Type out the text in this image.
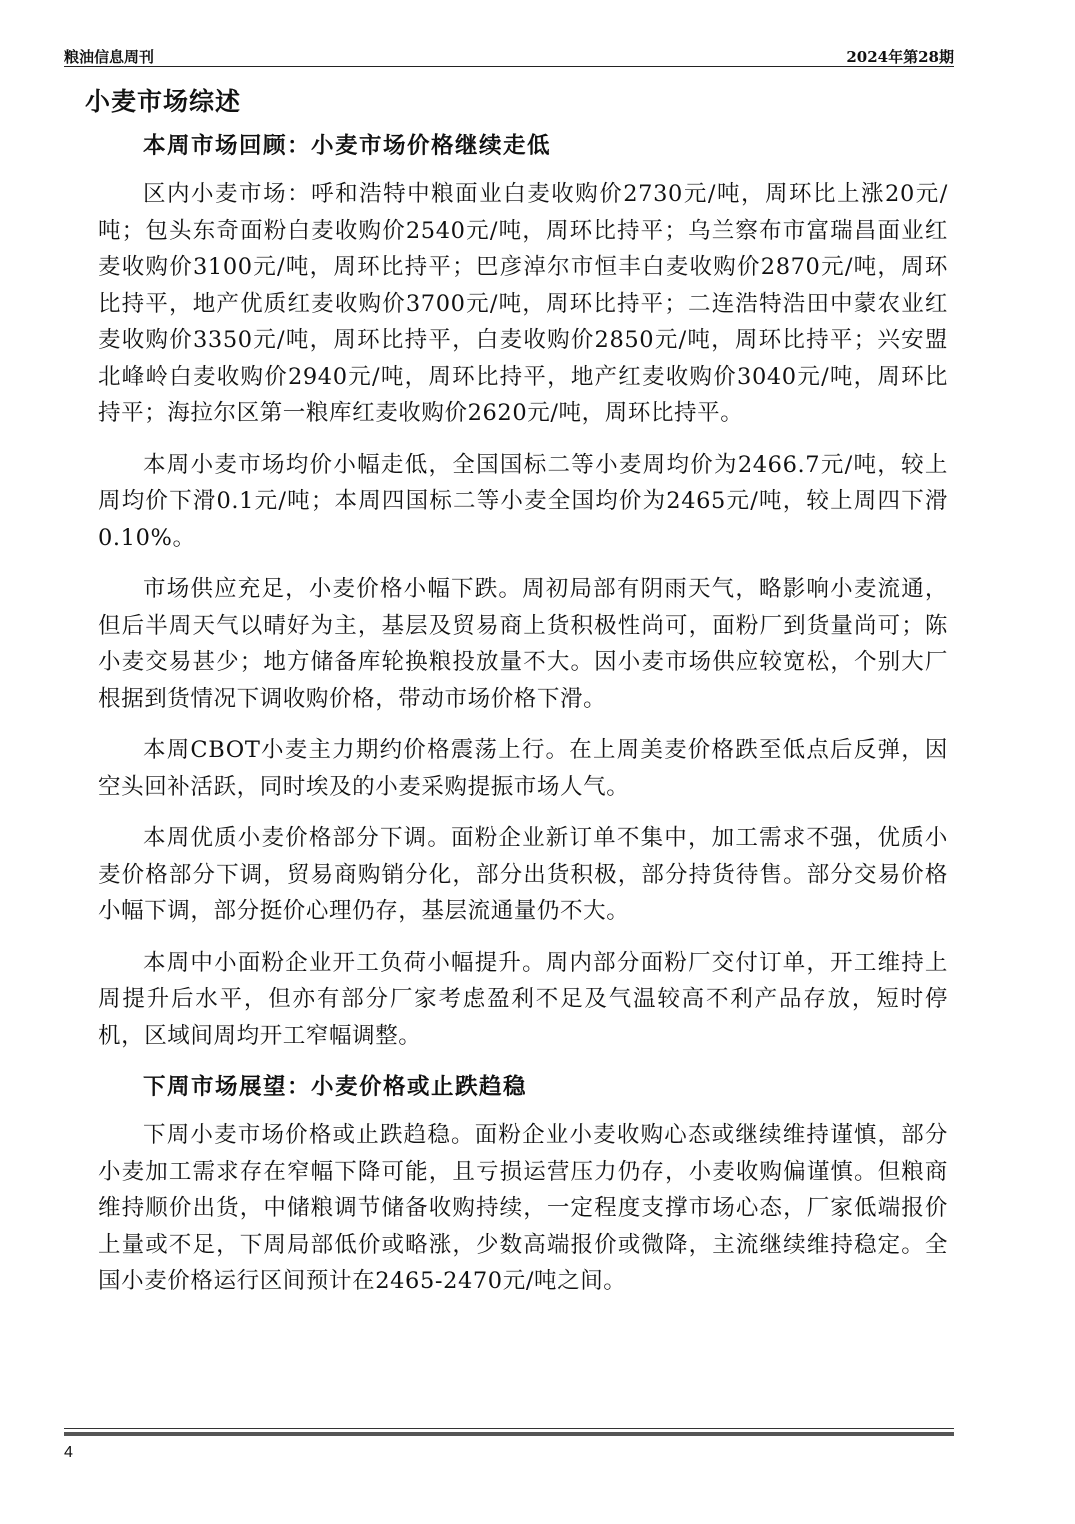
粮油信息周刊	2024年第28期
小麦市场综述
本周市场回顾：小麦市场价格继续走低

区内小麦市场：呼和浩特中粮面业白麦收购价2730元/吨，周环比上涨20元/吨；包头东奇面粉白麦收购价2540元/吨，周环比持平；乌兰察布市富瑞昌面业红麦收购价3100元/吨，周环比持平；巴彦淖尔市恒丰白麦收购价2870元/吨，周环比持平，地产优质红麦收购价3700元/吨，周环比持平；二连浩特浩田中蒙农业红麦收购价3350元/吨，周环比持平，白麦收购价2850元/吨，周环比持平；兴安盟北峰岭白麦收购价2940元/吨，周环比持平，地产红麦收购价3040元/吨，周环比持平；海拉尔区第一粮库红麦收购价2620元/吨，周环比持平。

本周小麦市场均价小幅走低，全国国标二等小麦周均价为2466.7元/吨，较上周均价下滑0.1元/吨；本周四国标二等小麦全国均价为2465元/吨，较上周四下滑0.10%。

市场供应充足，小麦价格小幅下跌。周初局部有阴雨天气，略影响小麦流通，但后半周天气以晴好为主，基层及贸易商上货积极性尚可，面粉厂到货量尚可；陈小麦交易甚少；地方储备库轮换粮投放量不大。因小麦市场供应较宽松，个别大厂根据到货情况下调收购价格，带动市场价格下滑。

本周CBOT小麦主力期约价格震荡上行。在上周美麦价格跌至低点后反弹，因空头回补活跃，同时埃及的小麦采购提振市场人气。

本周优质小麦价格部分下调。面粉企业新订单不集中，加工需求不强，优质小麦价格部分下调，贸易商购销分化，部分出货积极，部分持货待售。部分交易价格小幅下调，部分挺价心理仍存，基层流通量仍不大。

本周中小面粉企业开工负荷小幅提升。周内部分面粉厂交付订单，开工维持上周提升后水平，但亦有部分厂家考虑盈利不足及气温较高不利产品存放，短时停机，区域间周均开工窄幅调整。

下周市场展望：小麦价格或止跌趋稳

下周小麦市场价格或止跌趋稳。面粉企业小麦收购心态或继续维持谨慎，部分小麦加工需求存在窄幅下降可能，且亏损运营压力仍存，小麦收购偏谨慎。但粮商维持顺价出货，中储粮调节储备收购持续，一定程度支撑市场心态，厂家低端报价上量或不足，下周局部低价或略涨，少数高端报价或微降，主流继续维持稳定。全国小麦价格运行区间预计在2465-2470元/吨之间。

4
